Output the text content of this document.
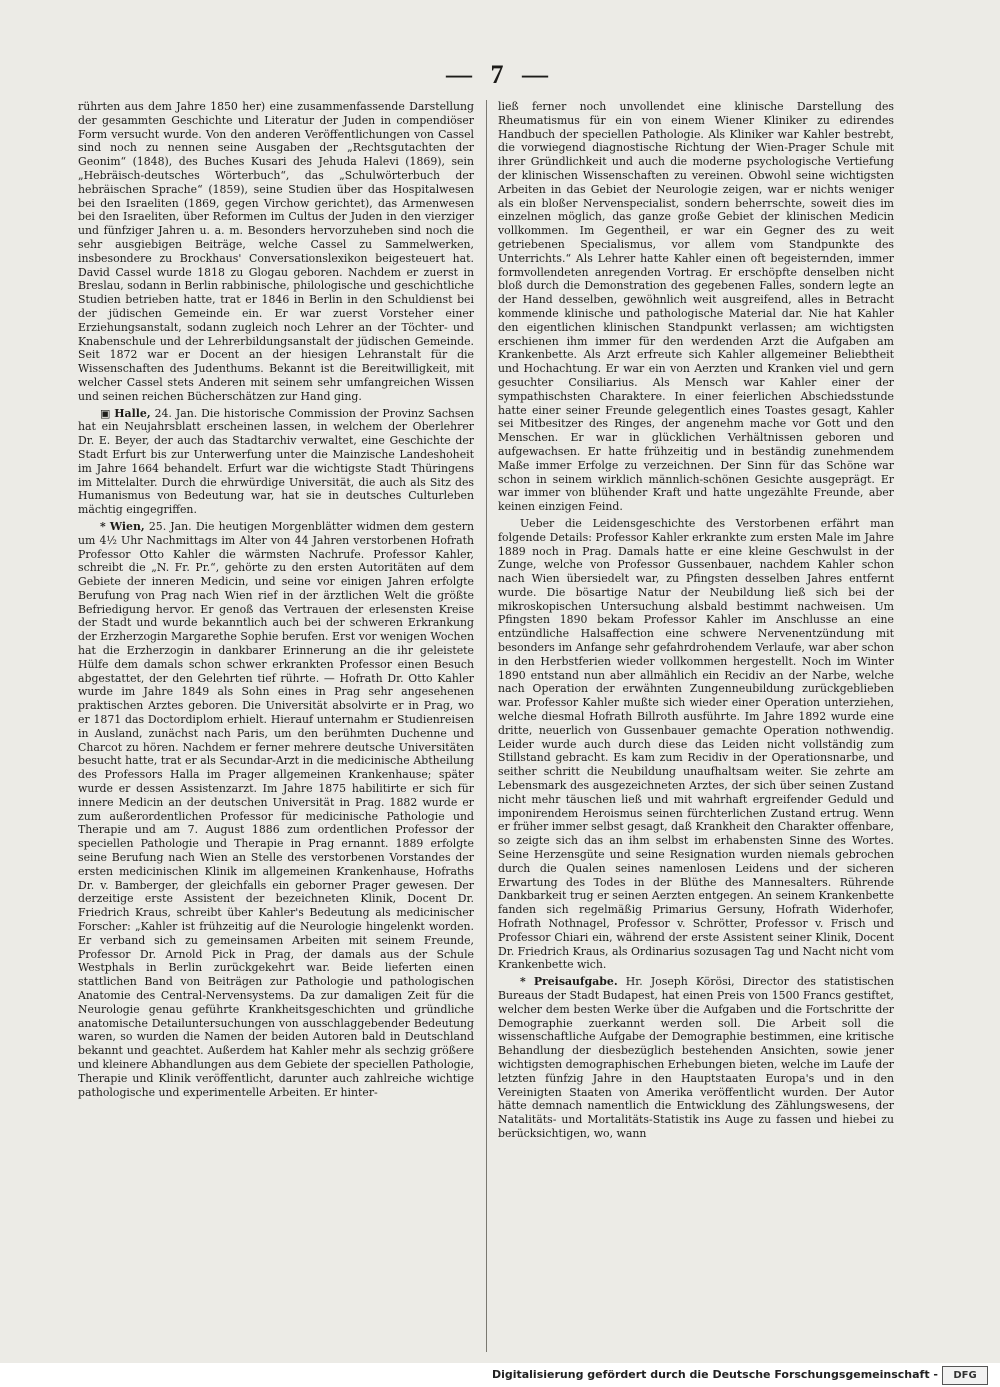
— 7 —

rührten aus dem Jahre 1850 her) eine zusammenfassende Darstellung der gesammten Geschichte und Literatur der Juden in compendiöser Form versucht wurde. Von den anderen Veröffentlichungen von Cassel sind noch zu nennen seine Ausgaben der „Rechtsgutachten der Geonim“ (1848), des Buches Kusari des Jehuda Halevi (1869), sein „Hebräisch-deutsches Wörterbuch“, das „Schulwörterbuch der hebräischen Sprache“ (1859), seine Studien über das Hospitalwesen bei den Israeliten (1869, gegen Virchow gerichtet), das Armenwesen bei den Israeliten, über Reformen im Cultus der Juden in den vierziger und fünfziger Jahren u. a. m. Besonders hervorzuheben sind noch die sehr ausgiebigen Beiträge, welche Cassel zu Sammelwerken, insbesondere zu Brockhaus' Conversationslexikon beigesteuert hat. David Cassel wurde 1818 zu Glogau geboren. Nachdem er zuerst in Breslau, sodann in Berlin rabbinische, philologische und geschichtliche Studien betrieben hatte, trat er 1846 in Berlin in den Schuldienst bei der jüdischen Gemeinde ein. Er war zuerst Vorsteher einer Erziehungsanstalt, sodann zugleich noch Lehrer an der Töchter- und Knabenschule und der Lehrerbildungsanstalt der jüdischen Gemeinde. Seit 1872 war er Docent an der hiesigen Lehranstalt für die Wissenschaften des Judenthums. Bekannt ist die Bereitwilligkeit, mit welcher Cassel stets Anderen mit seinem sehr umfangreichen Wissen und seinen reichen Bücherschätzen zur Hand ging.

▣ Halle, 24. Jan. Die historische Commission der Provinz Sachsen hat ein Neujahrsblatt erscheinen lassen, in welchem der Oberlehrer Dr. E. Beyer, der auch das Stadtarchiv verwaltet, eine Geschichte der Stadt Erfurt bis zur Unterwerfung unter die Mainzische Landeshoheit im Jahre 1664 behandelt. Erfurt war die wichtigste Stadt Thüringens im Mittelalter. Durch die ehrwürdige Universität, die auch als Sitz des Humanismus von Bedeutung war, hat sie in deutsches Culturleben mächtig eingegriffen.

* Wien, 25. Jan. Die heutigen Morgenblätter widmen dem gestern um 4½ Uhr Nachmittags im Alter von 44 Jahren verstorbenen Hofrath Professor Otto Kahler die wärmsten Nachrufe. Professor Kahler, schreibt die „N. Fr. Pr.“, gehörte zu den ersten Autoritäten auf dem Gebiete der inneren Medicin, und seine vor einigen Jahren erfolgte Berufung von Prag nach Wien rief in der ärztlichen Welt die größte Befriedigung hervor. Er genoß das Vertrauen der erlesensten Kreise der Stadt und wurde bekanntlich auch bei der schweren Erkrankung der Erzherzogin Margarethe Sophie berufen. Erst vor wenigen Wochen hat die Erzherzogin in dankbarer Erinnerung an die ihr geleistete Hülfe dem damals schon schwer erkrankten Professor einen Besuch abgestattet, der den Gelehrten tief rührte. — Hofrath Dr. Otto Kahler wurde im Jahre 1849 als Sohn eines in Prag sehr angesehenen praktischen Arztes geboren. Die Universität absolvirte er in Prag, wo er 1871 das Doctordiplom erhielt. Hierauf unternahm er Studienreisen in Ausland, zunächst nach Paris, um den berühmten Duchenne und Charcot zu hören. Nachdem er ferner mehrere deutsche Universitäten besucht hatte, trat er als Secundar-Arzt in die medicinische Abtheilung des Professors Halla im Prager allgemeinen Krankenhause; später wurde er dessen Assistenzarzt. Im Jahre 1875 habilitirte er sich für innere Medicin an der deutschen Universität in Prag. 1882 wurde er zum außerordentlichen Professor für medicinische Pathologie und Therapie und am 7. August 1886 zum ordentlichen Professor der speciellen Pathologie und Therapie in Prag ernannt. 1889 erfolgte seine Berufung nach Wien an Stelle des verstorbenen Vorstandes der ersten medicinischen Klinik im allgemeinen Krankenhause, Hofraths Dr. v. Bamberger, der gleichfalls ein geborner Prager gewesen. Der derzeitige erste Assistent der bezeichneten Klinik, Docent Dr. Friedrich Kraus, schreibt über Kahler's Bedeutung als medicinischer Forscher: „Kahler ist frühzeitig auf die Neurologie hingelenkt worden. Er verband sich zu gemeinsamen Arbeiten mit seinem Freunde, Professor Dr. Arnold Pick in Prag, der damals aus der Schule Westphals in Berlin zurückgekehrt war. Beide lieferten einen stattlichen Band von Beiträgen zur Pathologie und pathologischen Anatomie des Central-Nervensystems. Da zur damaligen Zeit für die Neurologie genau geführte Krankheitsgeschichten und gründliche anatomische Detailuntersuchungen von ausschlaggebender Bedeutung waren, so wurden die Namen der beiden Autoren bald in Deutschland bekannt und geachtet. Außerdem hat Kahler mehr als sechzig größere und kleinere Abhandlungen aus dem Gebiete der speciellen Pathologie, Therapie und Klinik veröffentlicht, darunter auch zahlreiche wichtige pathologische und experimentelle Arbeiten. Er hinter-

ließ ferner noch unvollendet eine klinische Darstellung des Rheumatismus für ein von einem Wiener Kliniker zu edirendes Handbuch der speciellen Pathologie. Als Kliniker war Kahler bestrebt, die vorwiegend diagnostische Richtung der Wien-Prager Schule mit ihrer Gründlichkeit und auch die moderne psychologische Vertiefung der klinischen Wissenschaften zu vereinen. Obwohl seine wichtigsten Arbeiten in das Gebiet der Neurologie zeigen, war er nichts weniger als ein bloßer Nervenspecialist, sondern beherrschte, soweit dies im einzelnen möglich, das ganze große Gebiet der klinischen Medicin vollkommen. Im Gegentheil, er war ein Gegner des zu weit getriebenen Specialismus, vor allem vom Standpunkte des Unterrichts.“ Als Lehrer hatte Kahler einen oft begeisternden, immer formvollendeten anregenden Vortrag. Er erschöpfte denselben nicht bloß durch die Demonstration des gegebenen Falles, sondern legte an der Hand desselben, gewöhnlich weit ausgreifend, alles in Betracht kommende klinische und pathologische Material dar. Nie hat Kahler den eigentlichen klinischen Standpunkt verlassen; am wichtigsten erschienen ihm immer für den werdenden Arzt die Aufgaben am Krankenbette. Als Arzt erfreute sich Kahler allgemeiner Beliebtheit und Hochachtung. Er war ein von Aerzten und Kranken viel und gern gesuchter Consiliarius. Als Mensch war Kahler einer der sympathischsten Charaktere. In einer feierlichen Abschiedsstunde hatte einer seiner Freunde gelegentlich eines Toastes gesagt, Kahler sei Mitbesitzer des Ringes, der angenehm mache vor Gott und den Menschen. Er war in glücklichen Verhältnissen geboren und aufgewachsen. Er hatte frühzeitig und in beständig zunehmendem Maße immer Erfolge zu verzeichnen. Der Sinn für das Schöne war schon in seinem wirklich männlich-schönen Gesichte ausgeprägt. Er war immer von blühender Kraft und hatte ungezählte Freunde, aber keinen einzigen Feind.

Ueber die Leidensgeschichte des Verstorbenen erfährt man folgende Details: Professor Kahler erkrankte zum ersten Male im Jahre 1889 noch in Prag. Damals hatte er eine kleine Geschwulst in der Zunge, welche von Professor Gussenbauer, nachdem Kahler schon nach Wien übersiedelt war, zu Pfingsten desselben Jahres entfernt wurde. Die bösartige Natur der Neubildung ließ sich bei der mikroskopischen Untersuchung alsbald bestimmt nachweisen. Um Pfingsten 1890 bekam Professor Kahler im Anschlusse an eine entzündliche Halsaffection eine schwere Nervenentzündung mit besonders im Anfange sehr gefahrdrohendem Verlaufe, war aber schon in den Herbstferien wieder vollkommen hergestellt. Noch im Winter 1890 entstand nun aber allmählich ein Recidiv an der Narbe, welche nach Operation der erwähnten Zungenneubildung zurückgeblieben war. Professor Kahler mußte sich wieder einer Operation unterziehen, welche diesmal Hofrath Billroth ausführte. Im Jahre 1892 wurde eine dritte, neuerlich von Gussenbauer gemachte Operation nothwendig. Leider wurde auch durch diese das Leiden nicht vollständig zum Stillstand gebracht. Es kam zum Recidiv in der Operationsnarbe, und seither schritt die Neubildung unaufhaltsam weiter. Sie zehrte am Lebensmark des ausgezeichneten Arztes, der sich über seinen Zustand nicht mehr täuschen ließ und mit wahrhaft ergreifender Geduld und imponirendem Heroismus seinen fürchterlichen Zustand ertrug. Wenn er früher immer selbst gesagt, daß Krankheit den Charakter offenbare, so zeigte sich das an ihm selbst im erhabensten Sinne des Wortes. Seine Herzensgüte und seine Resignation wurden niemals gebrochen durch die Qualen seines namenlosen Leidens und der sicheren Erwartung des Todes in der Blüthe des Mannesalters. Rührende Dankbarkeit trug er seinen Aerzten entgegen. An seinem Krankenbette fanden sich regelmäßig Primarius Gersuny, Hofrath Widerhofer, Hofrath Nothnagel, Professor v. Schrötter, Professor v. Frisch und Professor Chiari ein, während der erste Assistent seiner Klinik, Docent Dr. Friedrich Kraus, als Ordinarius sozusagen Tag und Nacht nicht vom Krankenbette wich.

* Preisaufgabe. Hr. Joseph Körösi, Director des statistischen Bureaus der Stadt Budapest, hat einen Preis von 1500 Francs gestiftet, welcher dem besten Werke über die Aufgaben und die Fortschritte der Demographie zuerkannt werden soll. Die Arbeit soll die wissenschaftliche Aufgabe der Demographie bestimmen, eine kritische Behandlung der diesbezüglich bestehenden Ansichten, sowie jener wichtigsten demographischen Erhebungen bieten, welche im Laufe der letzten fünfzig Jahre in den Hauptstaaten Europa's und in den Vereinigten Staaten von Amerika veröffentlicht wurden. Der Autor hätte demnach namentlich die Entwicklung des Zählungswesens, der Natalitäts- und Mortalitäts-Statistik ins Auge zu fassen und hiebei zu berücksichtigen, wo, wann

Digitalisierung gefördert durch die Deutsche Forschungsgemeinschaft -	DFG
